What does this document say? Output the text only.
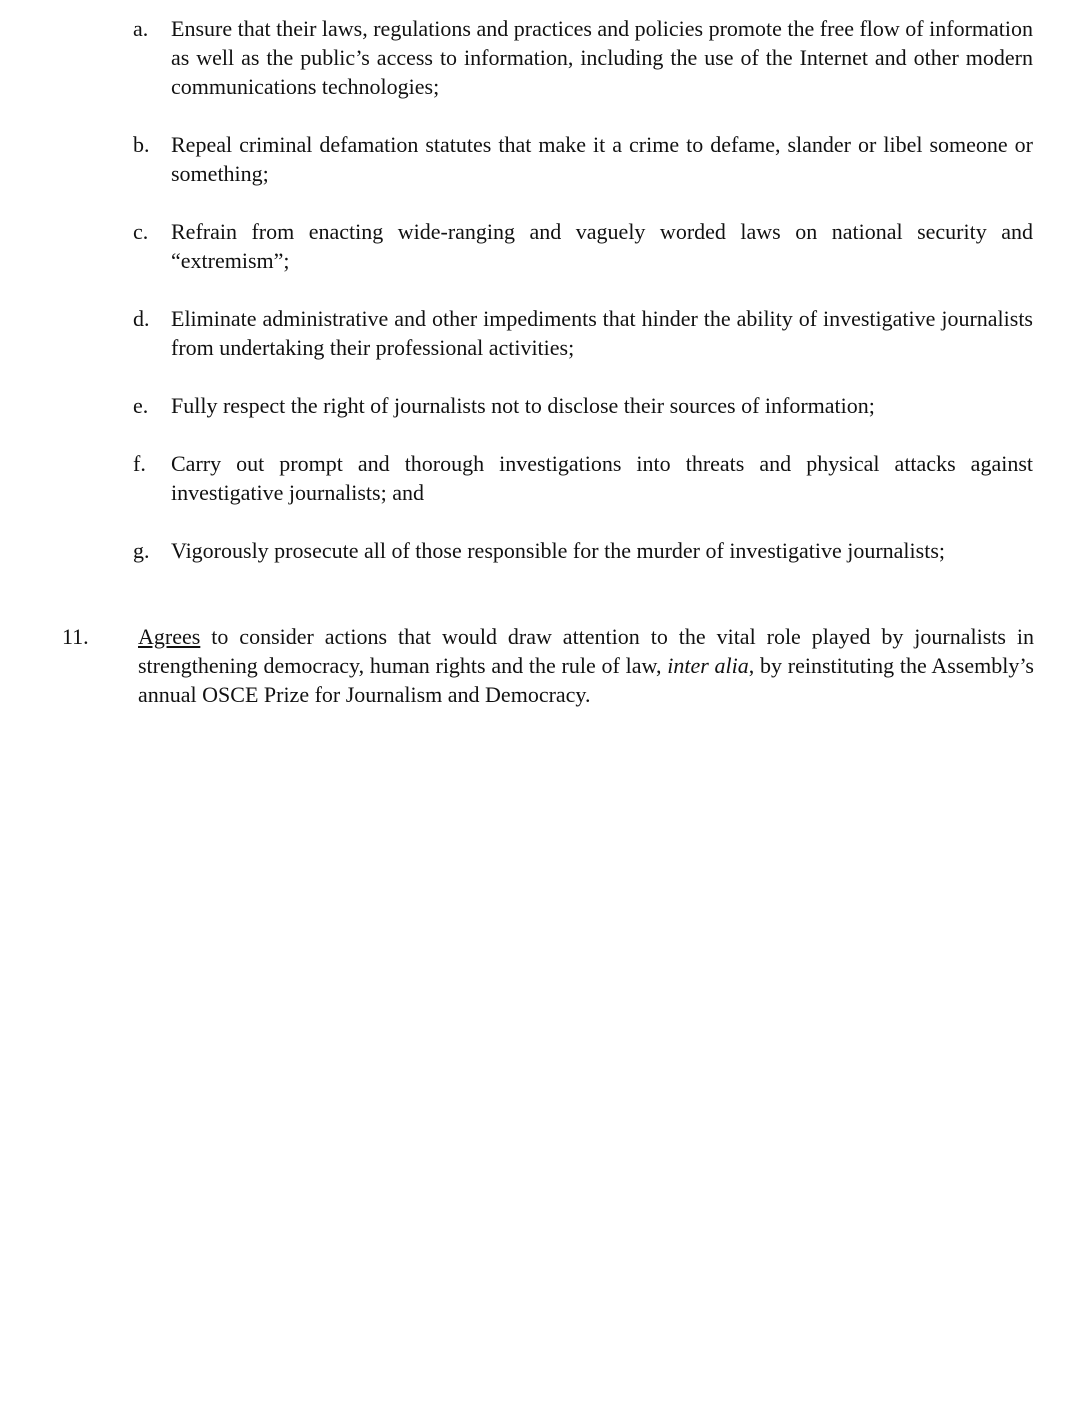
a. Ensure that their laws, regulations and practices and policies promote the free flow of information as well as the public’s access to information, including the use of the Internet and other modern communications technologies;
b. Repeal criminal defamation statutes that make it a crime to defame, slander or libel someone or something;
c. Refrain from enacting wide-ranging and vaguely worded laws on national security and “extremism”;
d. Eliminate administrative and other impediments that hinder the ability of investigative journalists from undertaking their professional activities;
e. Fully respect the right of journalists not to disclose their sources of information;
f. Carry out prompt and thorough investigations into threats and physical attacks against investigative journalists; and
g. Vigorously prosecute all of those responsible for the murder of investigative journalists;
11. Agrees to consider actions that would draw attention to the vital role played by journalists in strengthening democracy, human rights and the rule of law, inter alia, by reinstituting the Assembly’s annual OSCE Prize for Journalism and Democracy.
